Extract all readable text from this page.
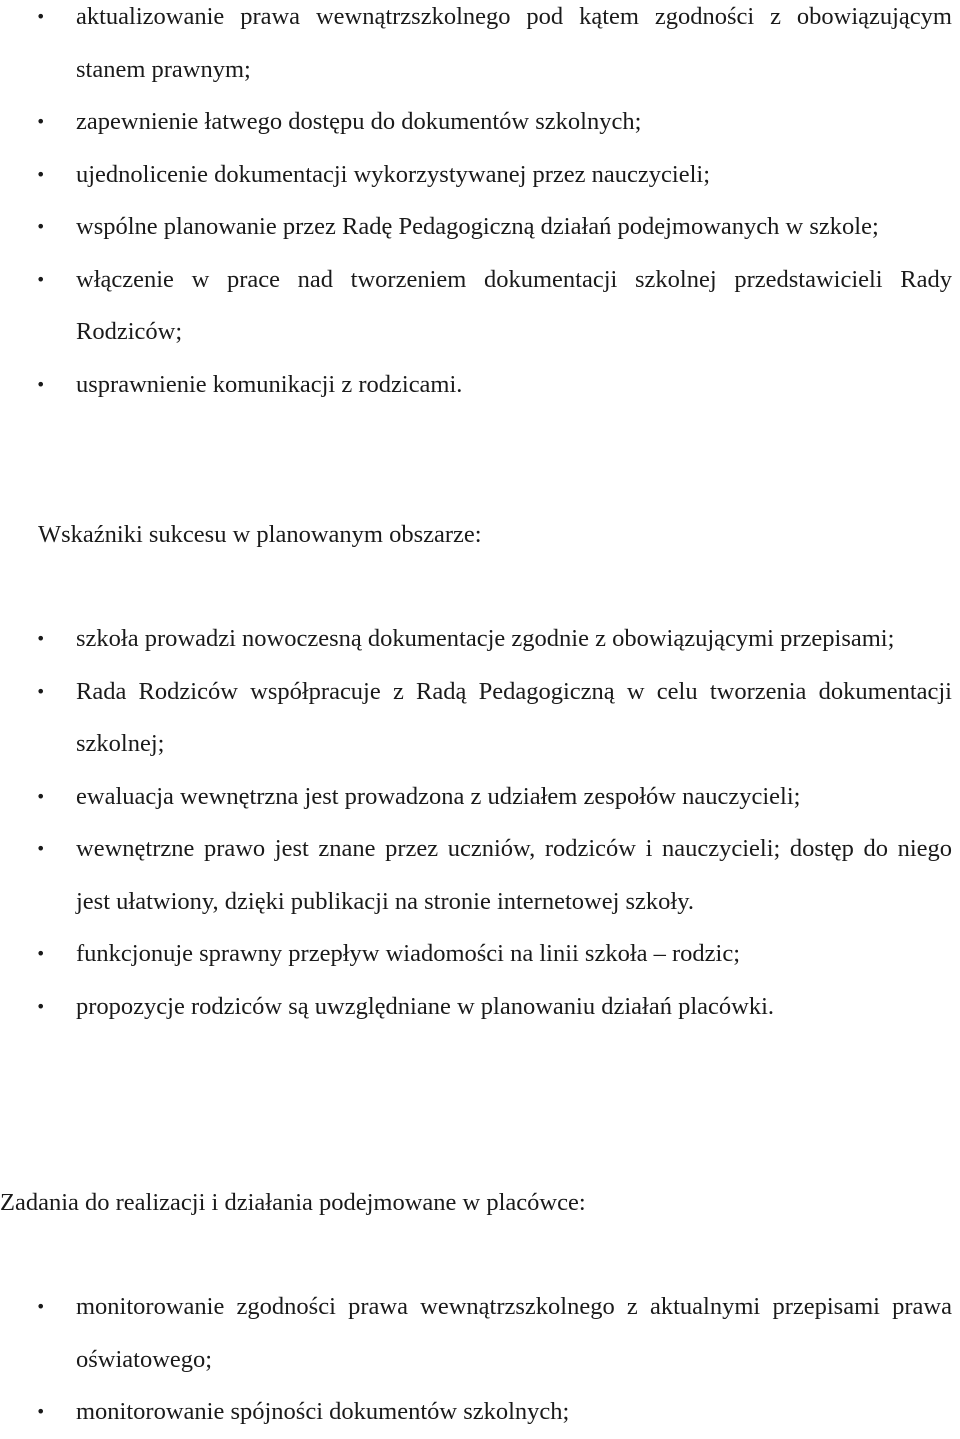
• aktualizowanie prawa wewnątrzszkolnego pod kątem zgodności z obowiązującym stanem prawnym;
• zapewnienie łatwego dostępu do dokumentów szkolnych;
• ujednolicenie dokumentacji wykorzystywanej przez nauczycieli;
• wspólne planowanie przez Radę Pedagogiczną działań podejmowanych w szkole;
• włączenie w prace nad tworzeniem dokumentacji szkolnej przedstawicieli Rady Rodziców;
• usprawnienie komunikacji z rodzicami.

Wskaźniki sukcesu w planowanym obszarze:

• szkoła prowadzi nowoczesną dokumentacje zgodnie z obowiązującymi przepisami;
• Rada Rodziców współpracuje z Radą Pedagogiczną w celu tworzenia dokumentacji szkolnej;
• ewaluacja wewnętrzna jest prowadzona z udziałem zespołów nauczycieli;
• wewnętrzne prawo jest znane przez uczniów, rodziców i nauczycieli; dostęp do niego jest ułatwiony, dzięki publikacji na stronie internetowej szkoły.
• funkcjonuje sprawny przepływ wiadomości na linii szkoła – rodzic;
• propozycje rodziców są uwzględniane w planowaniu działań placówki.

Zadania do realizacji i działania podejmowane w placówce:

• monitorowanie zgodności prawa wewnątrzszkolnego z aktualnymi przepisami prawa oświatowego;
• monitorowanie spójności dokumentów szkolnych;
